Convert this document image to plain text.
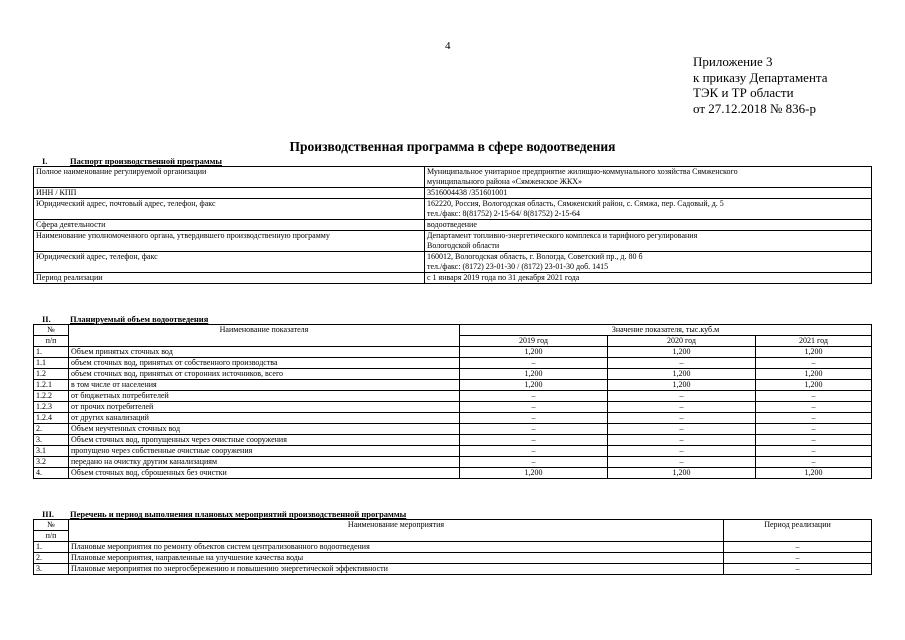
4
Приложение 3
к приказу Департамента
ТЭК и ТР области
от 27.12.2018 № 836-р
Производственная программа в сфере водоотведения
I.	Паспорт производственной программы
Полное наименование регулируемой организации	Муниципальное унитарное предприятие жилищно-коммунального хозяйства Сямженского
муниципального района «Сямженское ЖКХ»

ИНН / КПП	3516004438 /351601001

Юридический адрес, почтовый адрес, телефон, факс	162220, Россия, Вологодская область, Сямженский район, с. Сямжа, пер. Садовый, д. 5
тел./факс: 8(81752) 2-15-64/ 8(81752) 2-15-64

Сфера деятельности	водоотведение

Наименование уполномоченного органа, утвердившего производственную программу	Департамент топливно-энергетического комплекса и тарифного регулирования
Вологодской области

Юридический адрес, телефон, факс	160012, Вологодская область, г. Вологда, Советский пр., д. 80 б
тел./факс: (8172) 23-01-30 / (8172) 23-01-30 доб. 1415

Период реализации	с 1 января 2019 года по 31 декабря 2021 года
II. Планируемый объем водоотведения
№	Наименование показателя	Значение показателя, тыс.куб.м		
п/п		2019 год	2020 год	2021 год
1.	Объем принятых сточных вод	1,200	1,200	1,200
1.1	объем сточных вод, принятых от собственного производства	–	–	–
1.2	объем сточных вод, принятых от сторонних источников, всего	1,200	1,200	1,200
1.2.1	в том числе от населения	1,200	1,200	1,200
1.2.2	от бюджетных потребителей	–	–	–
1.2.3	от прочих потребителей	–	–	–
1.2.4	от других канализаций	–	–	–
2.	Объем неучтенных сточных вод	–	–	–
3.	Объем сточных вод, пропущенных через очистные сооружения	–	–	–
3.1	пропущено через собственные очистные сооружения	–	–	–
3.2	передано на очистку другим канализациям	–	–	–
4.	Объем сточных вод, сброшенных без очистки	1,200	1,200	1,200
III. Перечень и период выполнения плановых мероприятий производственной программы
№	Наименование мероприятия	Период реализации
п/п		
1.	Плановые мероприятия по ремонту объектов систем централизованного водоотведения	–
2.	Плановые мероприятия, направленные на улучшение качества воды	–
3.	Плановые мероприятия по энергосбережению и повышению энергетической эффективности	–
